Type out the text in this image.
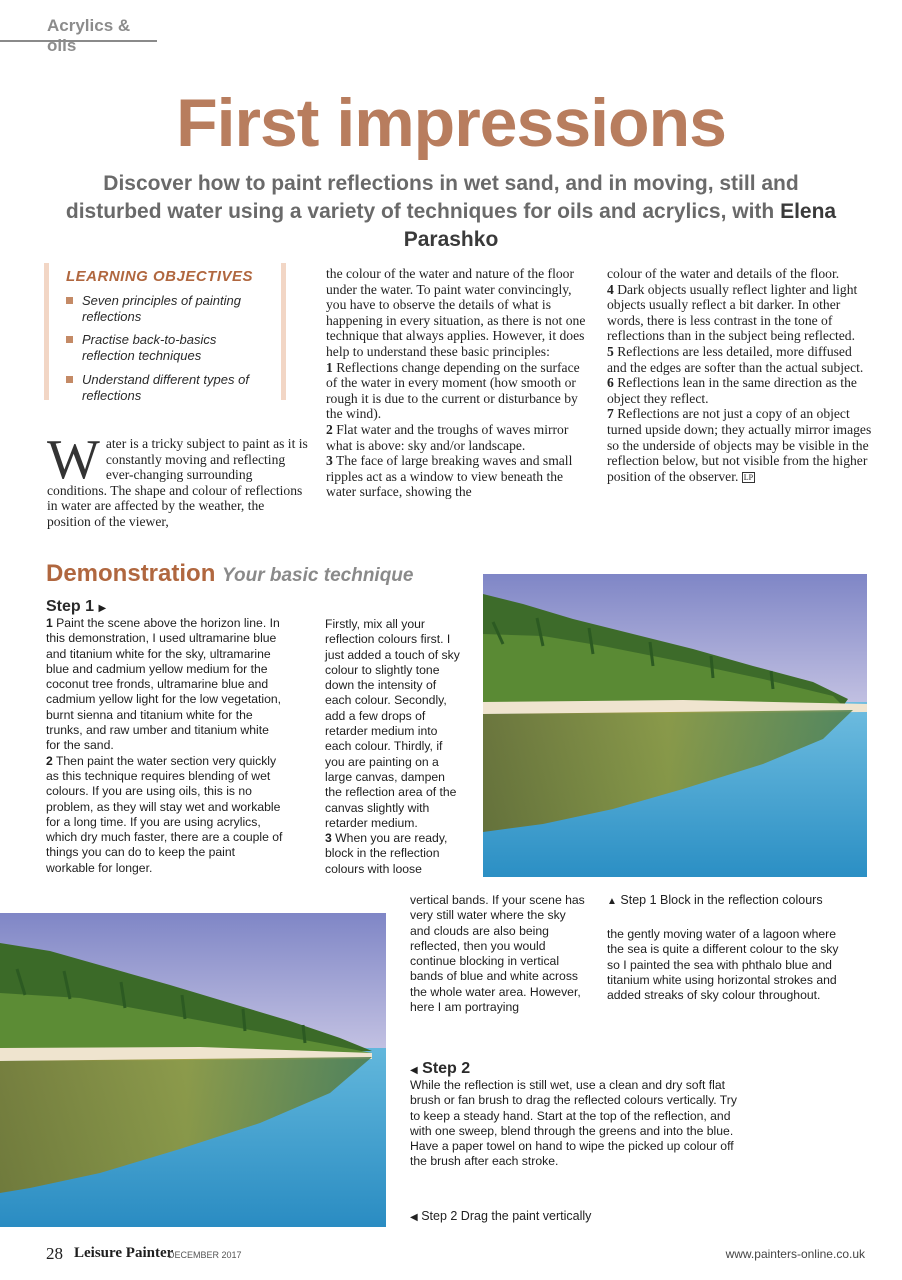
Acrylics & oils
First impressions
Discover how to paint reflections in wet sand, and in moving, still and disturbed water using a variety of techniques for oils and acrylics, with Elena Parashko
LEARNING OBJECTIVES
Seven principles of painting reflections
Practise back-to-basics reflection techniques
Understand different types of reflections
Water is a tricky subject to paint as it is constantly moving and reflecting ever-changing surrounding conditions. The shape and colour of reflections in water are affected by the weather, the position of the viewer,

the colour of the water and nature of the floor under the water. To paint water convincingly, you have to observe the details of what is happening in every situation, as there is not one technique that always applies. However, it does help to understand these basic principles:

1 Reflections change depending on the surface of the water in every moment (how smooth or rough it is due to the current or disturbance by the wind).

2 Flat water and the troughs of waves mirror what is above: sky and/or landscape.

3 The face of large breaking waves and small ripples act as a window to view beneath the water surface, showing the

colour of the water and details of the floor.

4 Dark objects usually reflect lighter and light objects usually reflect a bit darker. In other words, there is less contrast in the tone of reflections than in the subject being reflected.

5 Reflections are less detailed, more diffused and the edges are softer than the actual subject.

6 Reflections lean in the same direction as the object they reflect.

7 Reflections are not just a copy of an object turned upside down; they actually mirror images so the underside of objects may be visible in the reflection below, but not visible from the higher position of the observer. LP

Demonstration Your basic technique
Step 1 ▶

1 Paint the scene above the horizon line. In this demonstration, I used ultramarine blue and titanium white for the sky, ultramarine blue and cadmium yellow medium for the coconut tree fronds, ultramarine blue and cadmium yellow light for the low vegetation, burnt sienna and titanium white for the trunks, and raw umber and titanium white for the sand.

2 Then paint the water section very quickly as this technique requires blending of wet colours. If you are using oils, this is no problem, as they will stay wet and workable for a long time. If you are using acrylics, which dry much faster, there are a couple of things you can do to keep the paint workable for longer.

Firstly, mix all your reflection colours first. I just added a touch of sky colour to slightly tone down the intensity of each colour. Secondly, add a few drops of retarder medium into each colour. Thirdly, if you are painting on a large canvas, dampen the reflection area of the canvas slightly with retarder medium.

3 When you are ready, block in the reflection colours with loose

vertical bands. If your scene has very still water where the sky and clouds are also being reflected, then you would continue blocking in vertical bands of blue and white across the whole water area. However, here I am portraying

▲ Step 1 Block in the reflection colours

the gently moving water of a lagoon where the sea is quite a different colour to the sky so I painted the sea with phthalo blue and titanium white using horizontal strokes and added streaks of sky colour throughout.

◀ Step 2

While the reflection is still wet, use a clean and dry soft flat brush or fan brush to drag the reflected colours vertically. Try to keep a steady hand. Start at the top of the reflection, and with one sweep, blend through the greens and into the blue. Have a paper towel on hand to wipe the picked up colour off the brush after each stroke.

◀ Step 2 Drag the paint vertically
28 Leisure Painter
DECEMBER 2017	www.painters-online.co.uk
